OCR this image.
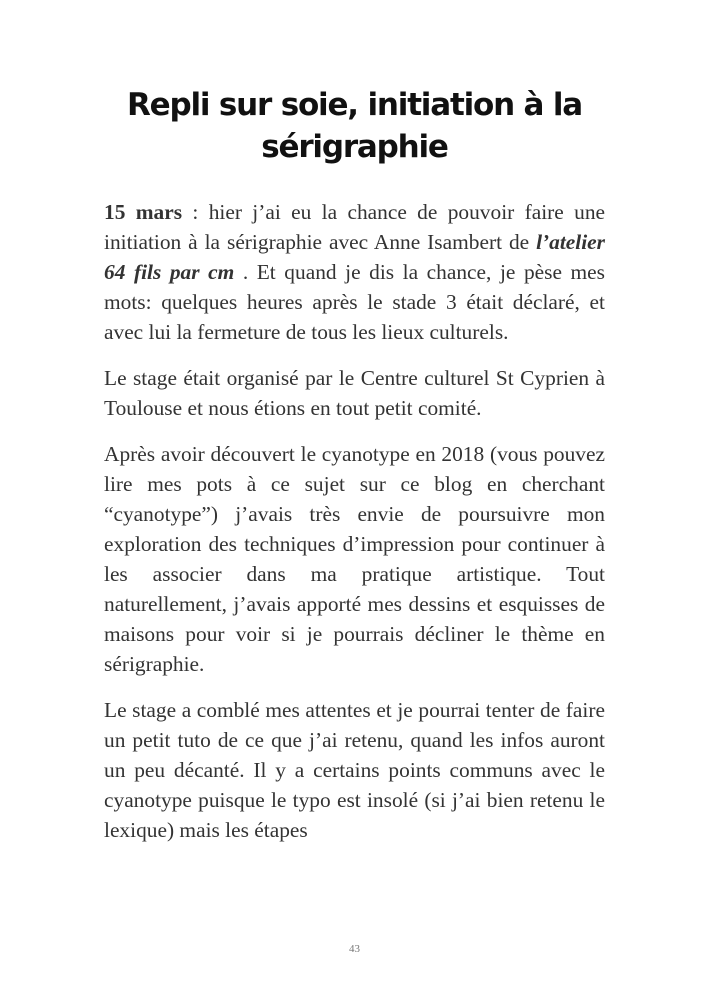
Repli sur soie, initiation à la sérigraphie

15 mars : hier j’ai eu la chance de pouvoir faire une initiation à la sérigraphie avec Anne Isambert de l’atelier 64 fils par cm . Et quand je dis la chance, je pèse mes mots: quelques heures après le stade 3 était déclaré, et avec lui la fermeture de tous les lieux culturels.

Le stage était organisé par le Centre culturel St Cyprien à Toulouse et nous étions en tout petit comité.

Après avoir découvert le cyanotype en 2018 (vous pouvez lire mes pots à ce sujet sur ce blog en cherchant “cyanotype”) j’avais très envie de poursuivre mon exploration des techniques d’impression pour continuer à les associer dans ma pratique artistique. Tout naturellement, j’avais apporté mes dessins et esquisses de maisons pour voir si je pourrais décliner le thème en sérigraphie.

Le stage a comblé mes attentes et je pourrai tenter de faire un petit tuto de ce que j’ai retenu, quand les infos auront un peu décanté. Il y a certains points communs avec le cyanotype puisque le typo est insolé (si j’ai bien retenu le lexique) mais les étapes

43
